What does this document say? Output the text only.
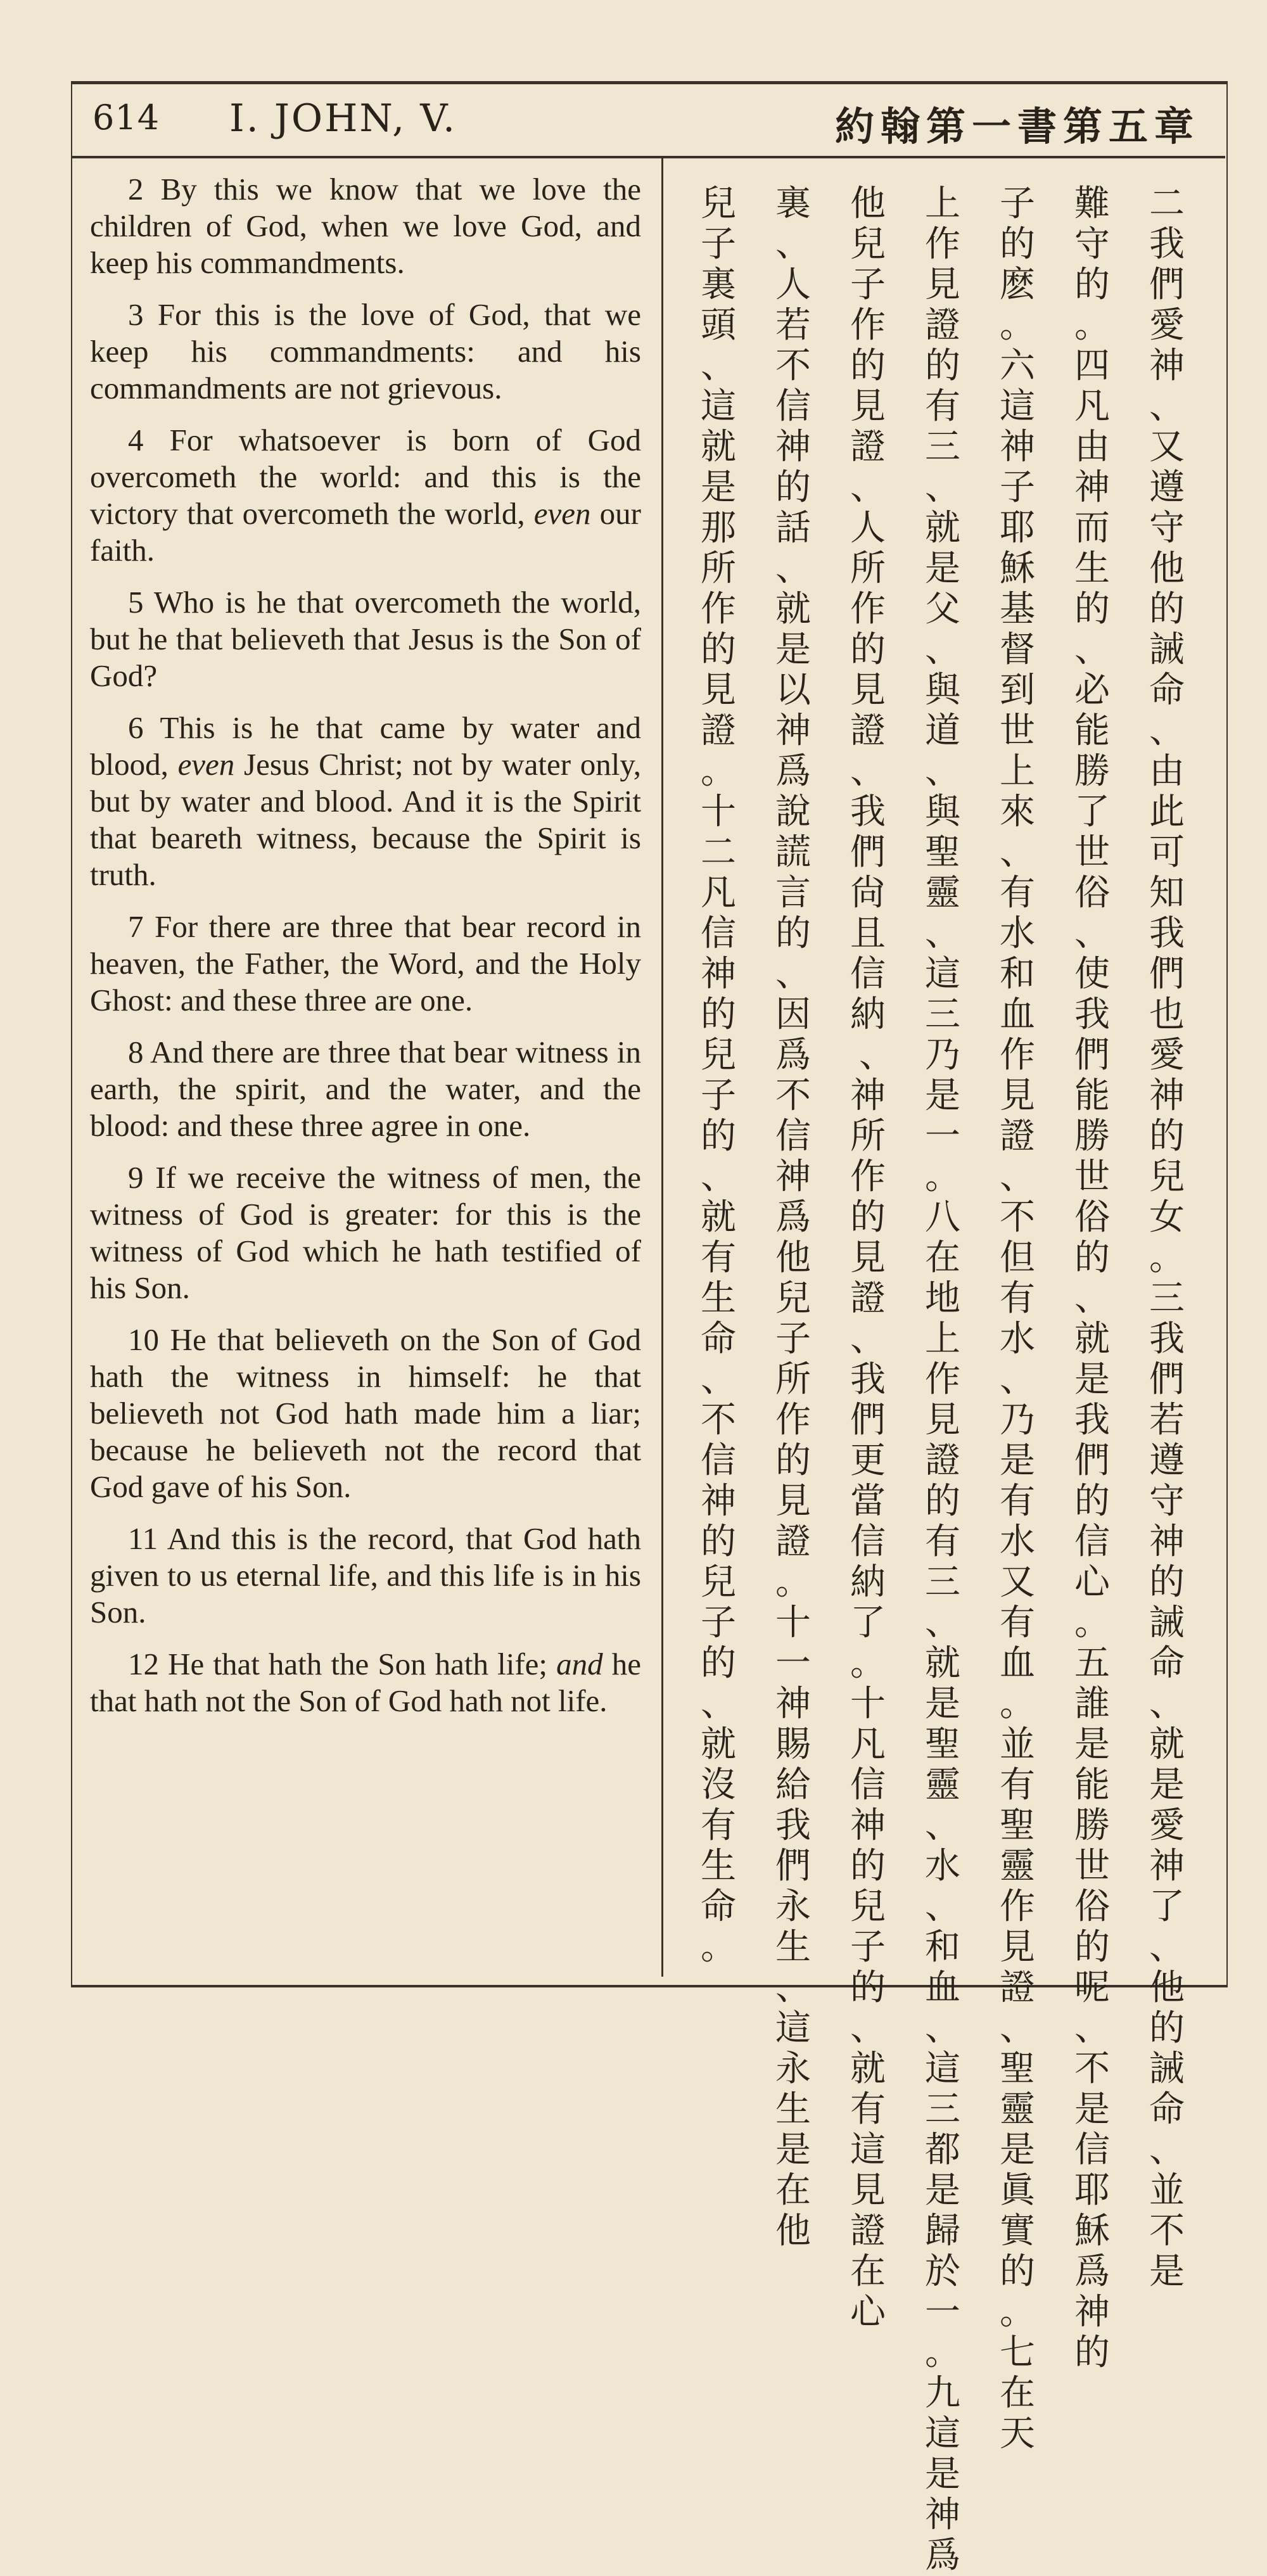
614 I. JOHN, V.	約翰第一書第五章

2 By this we know that we love the children of God, when we love God, and keep his commandments.

3 For this is the love of God, that we keep his commandments: and his commandments are not grievous.

4 For whatsoever is born of God overcometh the world: and this is the victory that overcometh the world, even our faith.

5 Who is he that overcometh the world, but he that believeth that Jesus is the Son of God?

6 This is he that came by water and blood, even Jesus Christ; not by water only, but by water and blood. And it is the Spirit that beareth witness, because the Spirit is truth.

7 For there are three that bear record in heaven, the Father, the Word, and the Holy Ghost: and these three are one.

8 And there are three that bear witness in earth, the spirit, and the water, and the blood: and these three agree in one.

9 If we receive the witness of men, the witness of God is greater: for this is the witness of God which he hath testified of his Son.

10 He that believeth on the Son of God hath the witness in himself: he that believeth not God hath made him a liar; because he believeth not the record that God gave of his Son.

11 And this is the record, that God hath given to us eternal life, and this life is in his Son.

12 He that hath the Son hath life; and he that hath not the Son of God hath not life.

二我們愛　神、又遵守他的誡命、由此可知我們也愛　神的兒女。三我們若遵守　神的誡命、就是愛　神了、他的誡命、並不是
難守的。四凡由　神而生的、必能勝了世俗、使我們能勝世俗的、就是我們的信心。五誰是能勝世俗的呢、不是信耶穌爲　神的
子的麽。六這　神子耶穌基督到世上來、有水和血作見證、不但有水、乃是有水又有血。並有聖靈作見證、聖靈是眞實的。七在天
上作見證的有三、就是父、與道、與聖靈、這三乃是一。八在地上作見證的有三、就是聖靈、水、和血、這三都是歸於一。九這是　神爲
他兒子作的見證、人所作的見證、我們尙且信納、　神所作的見證、我們更當信納了。十凡信　神的兒子的、就有這見證在心
裏、人若不信　神的話、就是以　神爲說謊言的、因爲不信　神爲他兒子所作的見證。十一神賜給我們永生、這永生是在他
兒子裏頭、這就是那所作的見證。十二凡信　神的兒子的、就有生命、不信　神的兒子的、就沒有生命。
